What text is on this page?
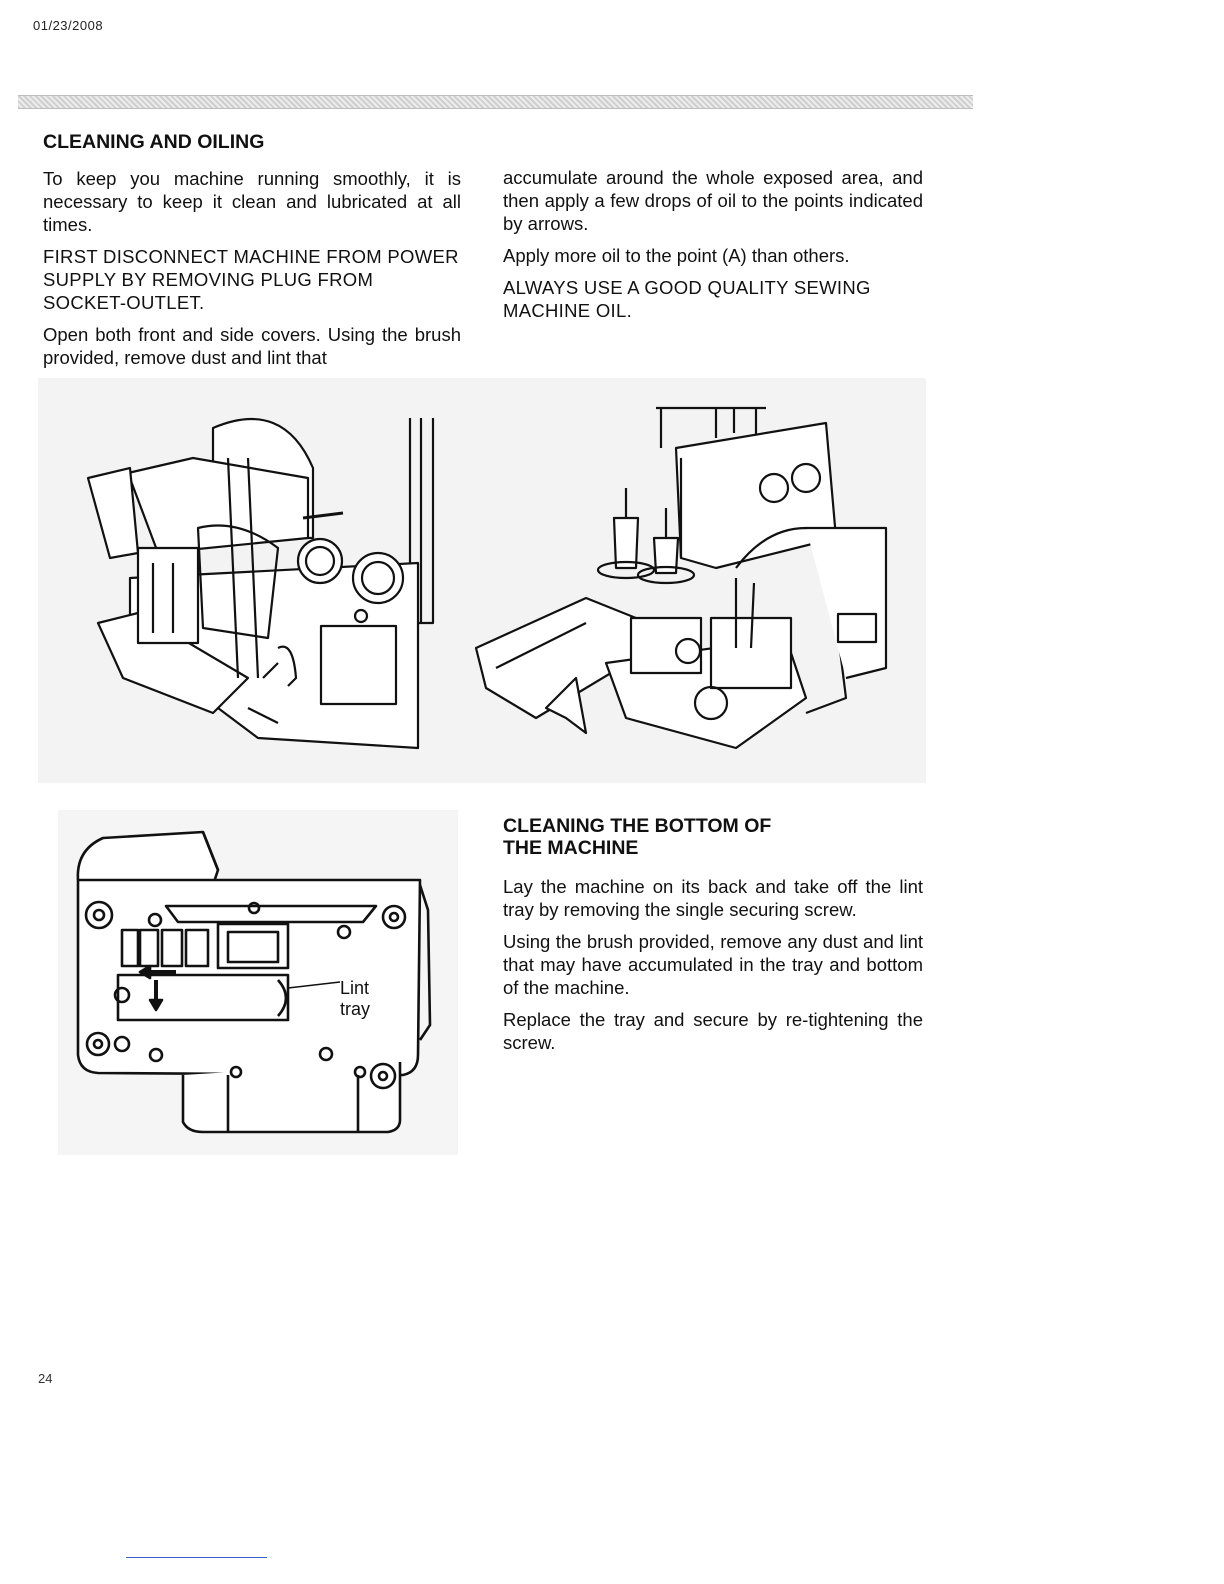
01/23/2008
CLEANING AND OILING

To keep you machine running smoothly, it is necessary to keep it clean and lubricated at all times.

FIRST DISCONNECT MACHINE FROM POWER SUPPLY BY REMOVING PLUG FROM SOCKET-OUTLET.

Open both front and side covers. Using the brush provided, remove dust and lint that

accumulate around the whole exposed area, and then apply a few drops of oil to the points indicated by arrows.

Apply more oil to the point (A) than others.

ALWAYS USE A GOOD QUALITY SEWING MACHINE OIL.

Lint
tray
CLEANING THE BOTTOM OF
THE MACHINE

Lay the machine on its back and take off the lint tray by removing the single securing screw.

Using the brush provided, remove any dust and lint that may have accumulated in the tray and bottom of the machine.

Replace the tray and secure by re-tightening the screw.

24
